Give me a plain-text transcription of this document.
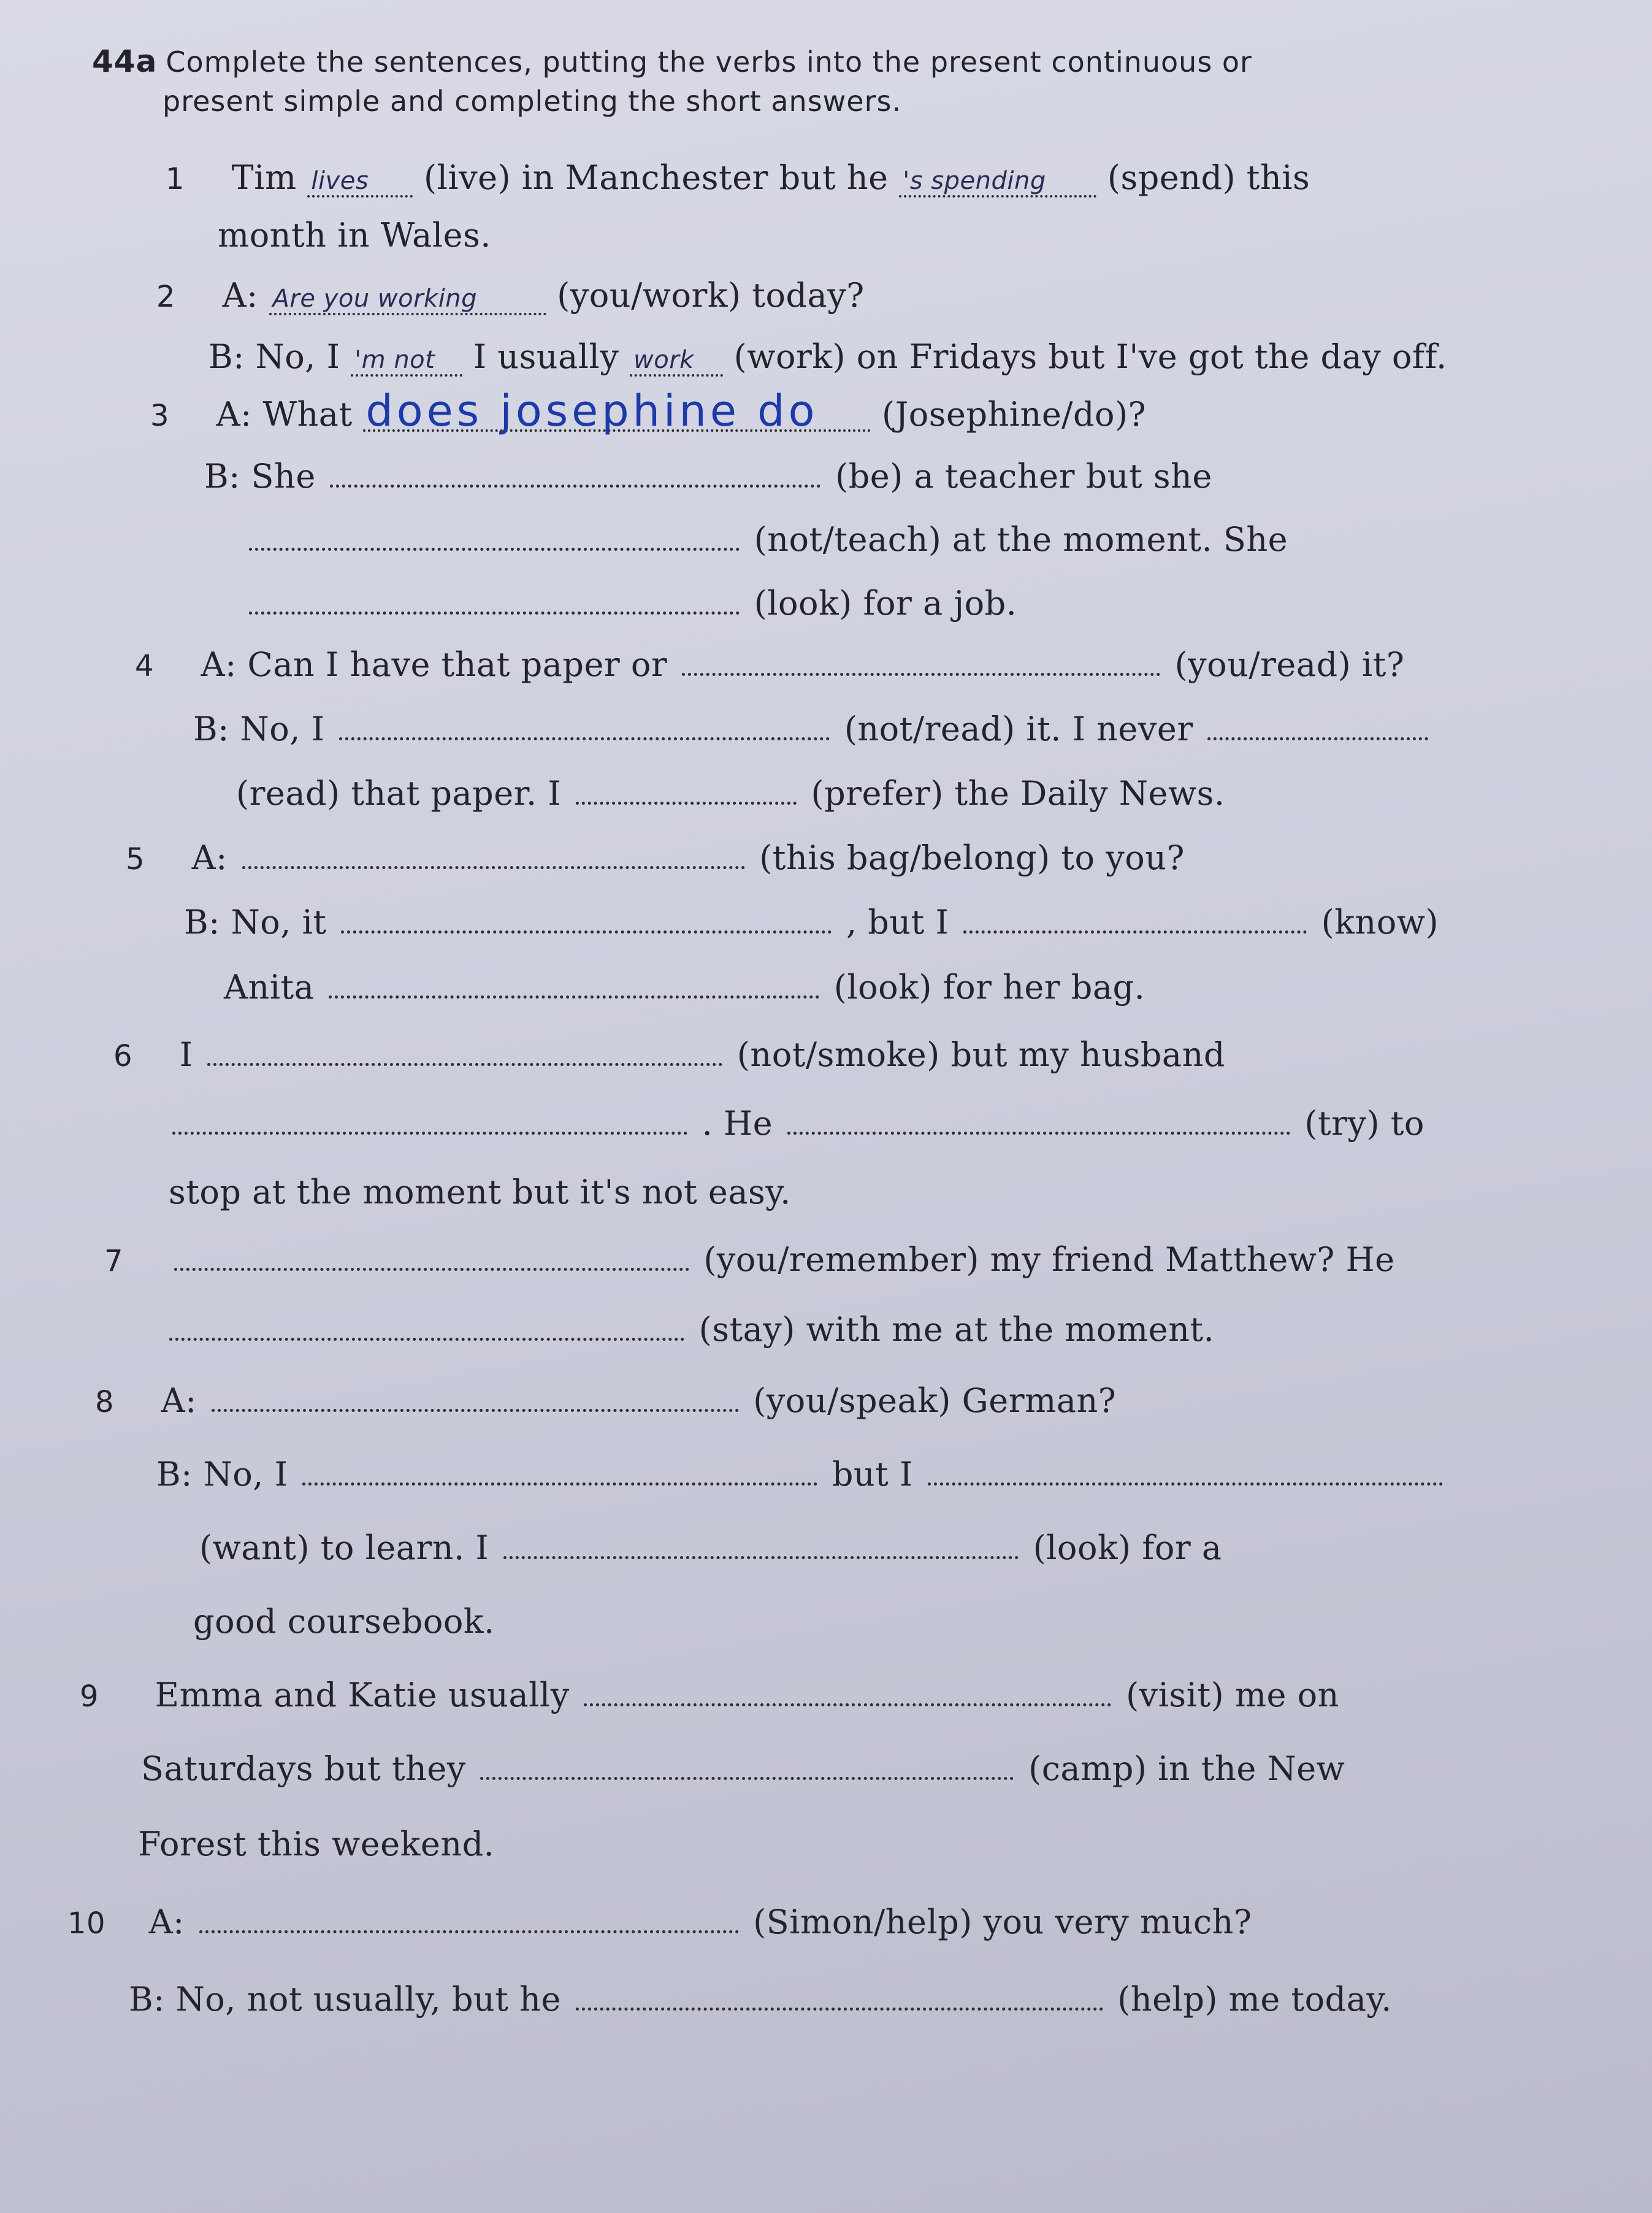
44a Complete the sentences, putting the verbs into the present continuous or
present simple and completing the short answers.
1 Tim lives (live) in Manchester but he 's spending (spend) this
month in Wales.
2 A: Are you working (you/work) today?
B: No, I 'm not I usually work (work) on Fridays but I've got the day off.
3 A: What does josephine do (Josephine/do)?
B: She	(be) a teacher but she
(not/teach) at the moment. She
(look) for a job.
4 A: Can I have that paper or	(you/read) it?
B: No, I	(not/read) it. I never
(read) that paper. I	(prefer) the Daily News.
5 A:	(this bag/belong) to you?
B: No, it	, but I	(know)
Anita	(look) for her bag.
6 I	(not/smoke) but my husband
. He	(try) to
stop at the moment but it's not easy.
7	(you/remember) my friend Matthew? He
(stay) with me at the moment.
8 A:	(you/speak) German?
B: No, I	but I
(want) to learn. I	(look) for a
good coursebook.
9 Emma and Katie usually	(visit) me on
Saturdays but they	(camp) in the New
Forest this weekend.
10 A:	(Simon/help) you very much?
B: No, not usually, but he	(help) me today.
